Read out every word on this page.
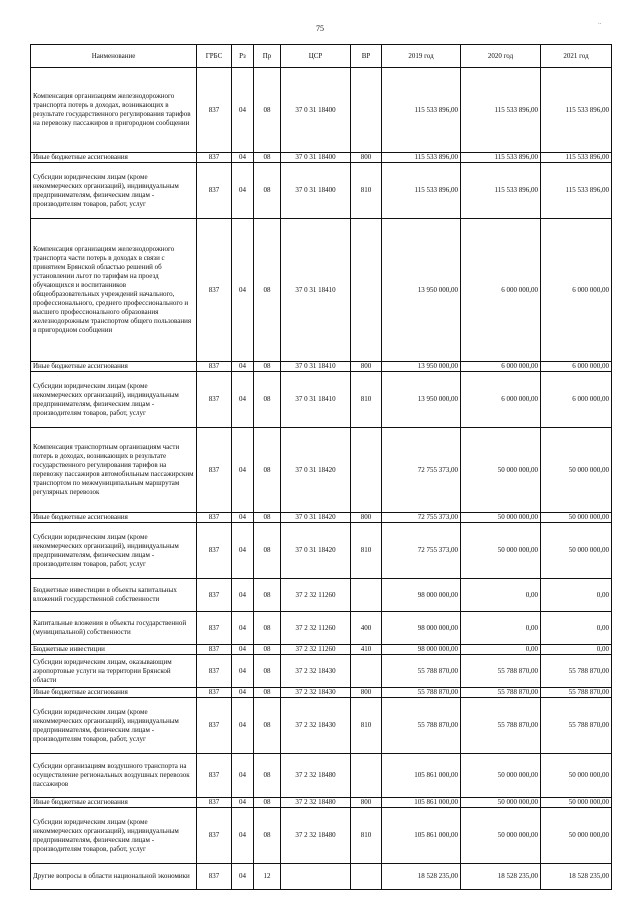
75
..
Наименование	ГРБС	Рз	Пр	ЦСР	ВР	2019 год	2020 год	2021 год
Компенсация организациям железнодорожного транспорта потерь в доходах, возникающих в результате государственного регулирования тарифов на перевозку пассажиров в пригородном сообщении	837	04	08	37 0 31 18400		115 533 896,00	115 533 896,00	115 533 896,00
Иные бюджетные ассигнования	837	04	08	37 0 31 18400	800	115 533 896,00	115 533 896,00	115 533 896,00
Субсидии юридическим лицам (кроме некоммерческих организаций), индивидуальным предпринимателям, физическим лицам - производителям товаров, работ, услуг	837	04	08	37 0 31 18400	810	115 533 896,00	115 533 896,00	115 533 896,00
Компенсация организациям железнодорожного транспорта части потерь в доходах в связи с принятием Брянской областью решений об установлении льгот по тарифам на проезд обучающихся и воспитанников общеобразовательных учреждений начального, профессионального, среднего профессионального и высшего профессионального образования железнодорожным транспортом общего пользования в пригородном сообщении	837	04	08	37 0 31 18410		13 950 000,00	6 000 000,00	6 000 000,00
Иные бюджетные ассигнования	837	04	08	37 0 31 18410	800	13 950 000,00	6 000 000,00	6 000 000,00
Субсидии юридическим лицам (кроме некоммерческих организаций), индивидуальным предпринимателям, физическим лицам - производителям товаров, работ, услуг	837	04	08	37 0 31 18410	810	13 950 000,00	6 000 000,00	6 000 000,00
Компенсация транспортным организациям части потерь в доходах, возникающих в результате государственного регулирования тарифов на перевозку пассажиров автомобильным пассажирским транспортом по межмуниципальным маршрутам регулярных перевозок	837	04	08	37 0 31 18420		72 755 373,00	50 000 000,00	50 000 000,00
Иные бюджетные ассигнования	837	04	08	37 0 31 18420	800	72 755 373,00	50 000 000,00	50 000 000,00
Субсидии юридическим лицам (кроме некоммерческих организаций), индивидуальным предпринимателям, физическим лицам - производителям товаров, работ, услуг	837	04	08	37 0 31 18420	810	72 755 373,00	50 000 000,00	50 000 000,00
Бюджетные инвестиции в объекты капитальных вложений государственной собственности	837	04	08	37 2 32 11260		98 000 000,00	0,00	0,00
Капитальные вложения в объекты государственной (муниципальной) собственности	837	04	08	37 2 32 11260	400	98 000 000,00	0,00	0,00
Бюджетные инвестиции	837	04	08	37 2 32 11260	410	98 000 000,00	0,00	0,00
Субсидии юридическим лицам, оказывающим аэропортовые услуги на территории Брянской области	837	04	08	37 2 32 18430		55 788 870,00	55 788 870,00	55 788 870,00
Иные бюджетные ассигнования	837	04	08	37 2 32 18430	800	55 788 870,00	55 788 870,00	55 788 870,00
Субсидии юридическим лицам (кроме некоммерческих организаций), индивидуальным предпринимателям, физическим лицам - производителям товаров, работ, услуг	837	04	08	37 2 32 18430	810	55 788 870,00	55 788 870,00	55 788 870,00
Субсидии организациям воздушного транспорта на осуществление региональных воздушных перевозок пассажиров	837	04	08	37 2 32 18480		105 861 000,00	50 000 000,00	50 000 000,00
Иные бюджетные ассигнования	837	04	08	37 2 32 18480	800	105 861 000,00	50 000 000,00	50 000 000,00
Субсидии юридическим лицам (кроме некоммерческих организаций), индивидуальным предпринимателям, физическим лицам - производителям товаров, работ, услуг	837	04	08	37 2 32 18480	810	105 861 000,00	50 000 000,00	50 000 000,00
Другие вопросы в области национальной экономики	837	04	12			18 528 235,00	18 528 235,00	18 528 235,00
